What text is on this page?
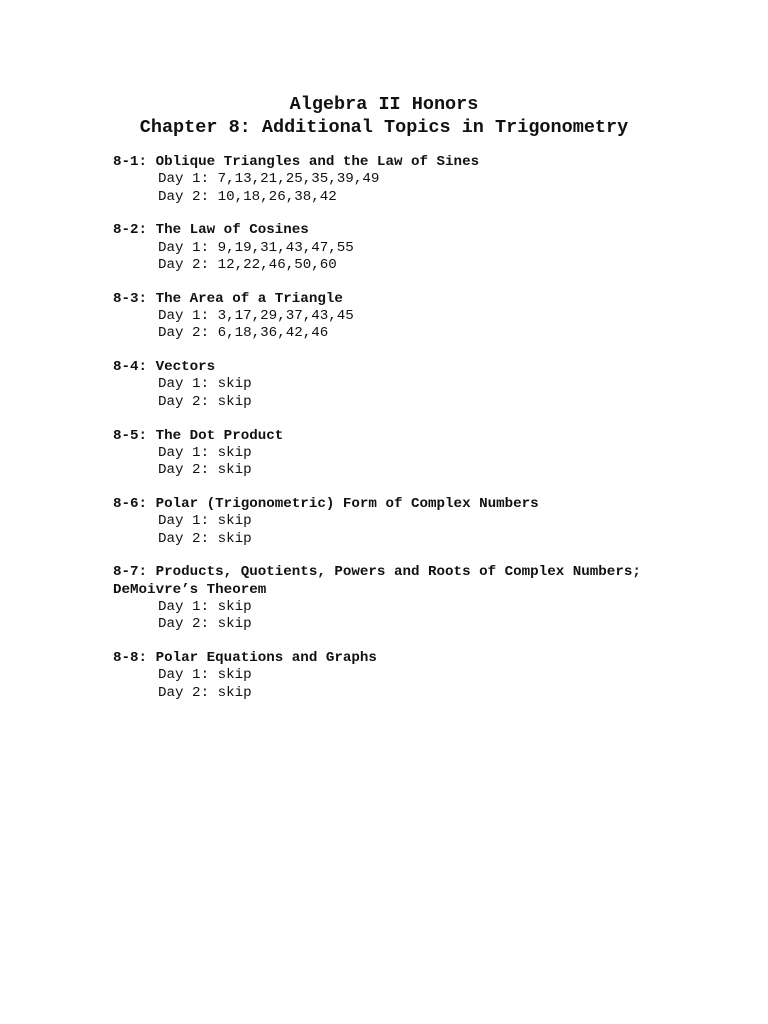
Algebra II Honors
Chapter 8: Additional Topics in Trigonometry
8-1: Oblique Triangles and the Law of Sines
Day 1: 7,13,21,25,35,39,49
Day 2: 10,18,26,38,42
8-2: The Law of Cosines
Day 1: 9,19,31,43,47,55
Day 2: 12,22,46,50,60
8-3: The Area of a Triangle
Day 1: 3,17,29,37,43,45
Day 2: 6,18,36,42,46
8-4: Vectors
Day 1: skip
Day 2: skip
8-5: The Dot Product
Day 1: skip
Day 2: skip
8-6: Polar (Trigonometric) Form of Complex Numbers
Day 1: skip
Day 2: skip
8-7: Products, Quotients, Powers and Roots of Complex Numbers; DeMoivre’s Theorem
Day 1: skip
Day 2: skip
8-8: Polar Equations and Graphs
Day 1: skip
Day 2: skip
